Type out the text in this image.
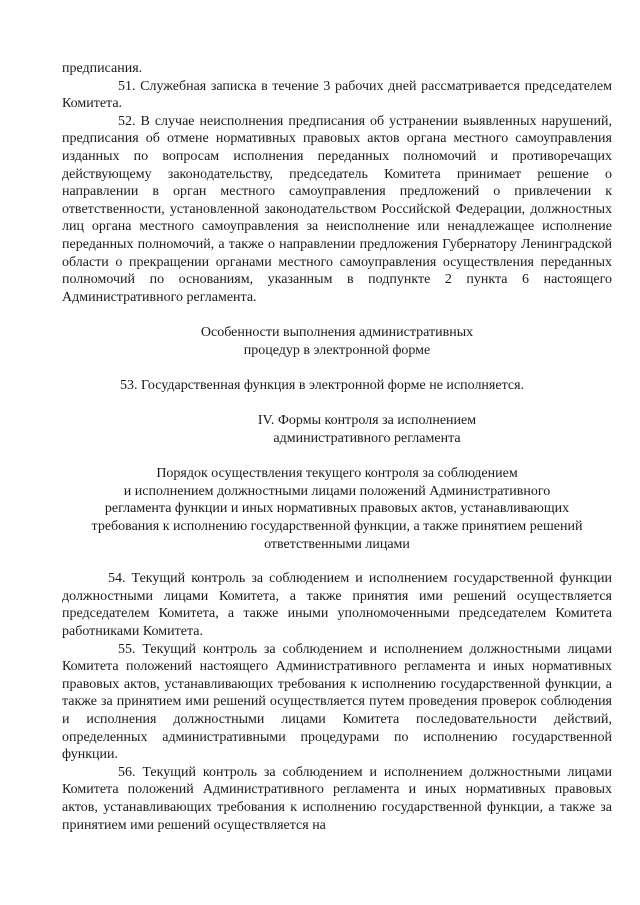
предписания.

51. Служебная записка в течение 3 рабочих дней рассматривается председателем Комитета.

52. В случае неисполнения предписания об устранении выявленных нарушений, предписания об отмене нормативных правовых актов органа местного самоуправления изданных по вопросам исполнения переданных полномочий и противоречащих действующему законодательству, председатель Комитета принимает решение о направлении в орган местного самоуправления предложений о привлечении к ответственности, установленной законодательством Российской Федерации, должностных лиц органа местного самоуправления за неисполнение или ненадлежащее исполнение переданных полномочий, а также о направлении предложения Губернатору Ленинградской области о прекращении органами местного самоуправления осуществления переданных полномочий по основаниям, указанным в подпункте 2 пункта 6 настоящего Административного регламента.

Особенности выполнения административных
процедур в электронной форме

53. Государственная функция в электронной форме не исполняется.

IV. Формы контроля за исполнением
административного регламента
Порядок осуществления текущего контроля за соблюдением
и исполнением должностными лицами положений Административного
регламента функции и иных нормативных правовых актов, устанавливающих
требования к исполнению государственной функции, а также принятием решений
ответственными лицами

54. Текущий контроль за соблюдением и исполнением государственной функции должностными лицами Комитета, а также принятия ими решений осуществляется председателем Комитета, а также иными уполномоченными председателем Комитета работниками Комитета.

55. Текущий контроль за соблюдением и исполнением должностными лицами Комитета положений настоящего Административного регламента и иных нормативных правовых актов, устанавливающих требования к исполнению государственной функции, а также за принятием ими решений осуществляется путем проведения проверок соблюдения и исполнения должностными лицами Комитета последовательности действий, определенных административными процедурами по исполнению государственной функции.

56. Текущий контроль за соблюдением и исполнением должностными лицами Комитета положений Административного регламента и иных нормативных правовых актов, устанавливающих требования к исполнению государственной функции, а также за принятием ими решений осуществляется на
